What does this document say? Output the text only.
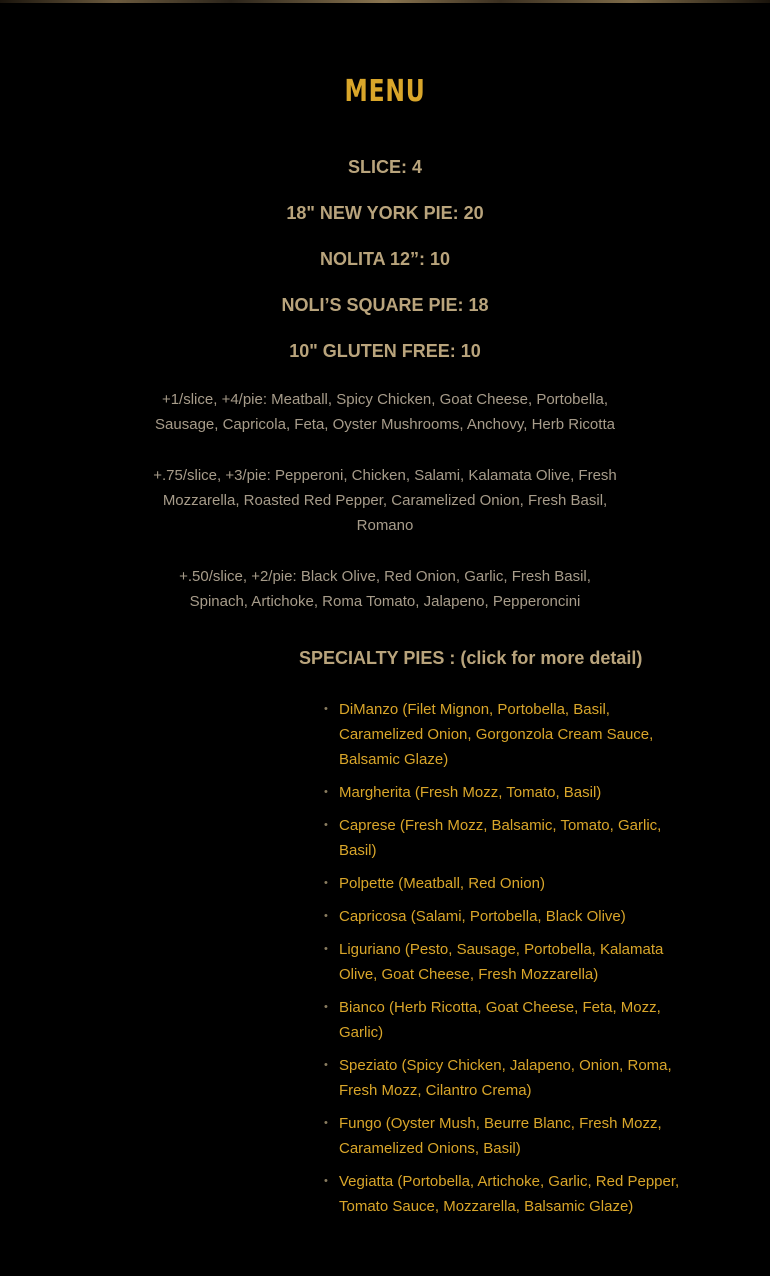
MENU
SLICE: 4
18" NEW YORK PIE: 20
NOLITA 12”: 10
NOLI’S SQUARE PIE: 18
10" GLUTEN FREE: 10
+1/slice, +4/pie: Meatball, Spicy Chicken, Goat Cheese, Portobella,
Sausage, Capricola, Feta, Oyster Mushrooms, Anchovy, Herb Ricotta
+.75/slice, +3/pie: Pepperoni, Chicken, Salami, Kalamata Olive, Fresh
Mozzarella, Roasted Red Pepper, Caramelized Onion, Fresh Basil,
Romano
+.50/slice, +2/pie: Black Olive, Red Onion, Garlic, Fresh Basil,
Spinach, Artichoke, Roma Tomato, Jalapeno, Pepperoncini
SPECIALTY PIES : (click for more detail)
• DiManzo (Filet Mignon, Portobella, Basil, Caramelized Onion, Gorgonzola Cream Sauce, Balsamic Glaze)
• Margherita (Fresh Mozz, Tomato, Basil)
• Caprese (Fresh Mozz, Balsamic, Tomato, Garlic, Basil)
• Polpette (Meatball, Red Onion)
• Capricosa (Salami, Portobella, Black Olive)
• Liguriano (Pesto, Sausage, Portobella, Kalamata Olive, Goat Cheese, Fresh Mozzarella)
• Bianco (Herb Ricotta, Goat Cheese, Feta, Mozz, Garlic)
• Speziato (Spicy Chicken, Jalapeno, Onion, Roma, Fresh Mozz, Cilantro Crema)
• Fungo (Oyster Mush, Beurre Blanc, Fresh Mozz, Caramelized Onions, Basil)
• Vegiatta (Portobella, Artichoke, Garlic, Red Pepper, Tomato Sauce, Mozzarella, Balsamic Glaze)
